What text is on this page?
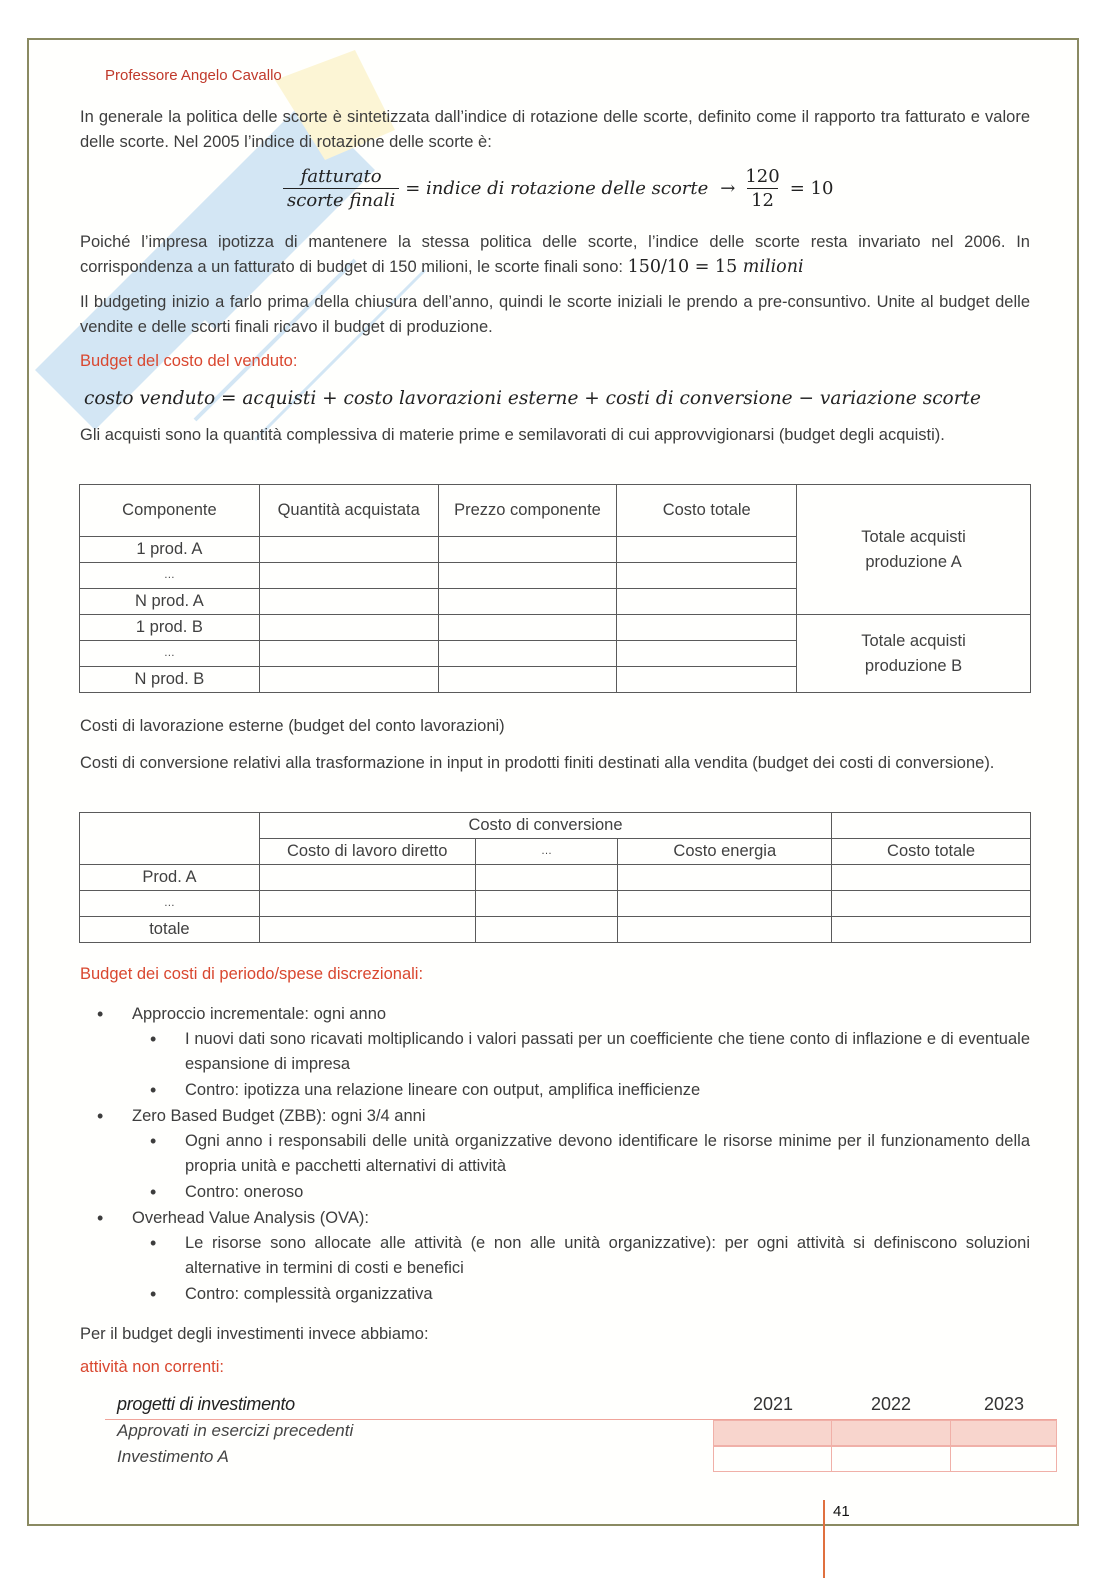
Professore Angelo Cavallo

In generale la politica delle scorte è sintetizzata dall’indice di rotazione delle scorte, definito come il rapporto tra fatturato e valore delle scorte. Nel 2005 l’indice di rotazione delle scorte è:

$\frac{\text{fatturato}}{\text{scorte finali}}$ = indice di rotazione delle scorte → $\frac{120}{12} = 10$

Poiché l’impresa ipotizza di mantenere la stessa politica delle scorte, l’indice delle scorte resta invariato nel 2006. In corrispondenza a un fatturato di budget di 150 milioni, le scorte finali sono: 150/10 = 15 milioni

Il budgeting inizio a farlo prima della chiusura dell’anno, quindi le scorte iniziali le prendo a pre-consuntivo. Unite al budget delle vendite e delle scorti finali ricavo il budget di produzione.

Budget del costo del venduto:
costo venduto = acquisti + costo lavorazioni esterne + costi di conversione − variazione scorte

Gli acquisti sono la quantità complessiva di materie prime e semilavorati di cui approvvigionarsi (budget degli acquisti).

Componente	Quantità acquistata	Prezzo componente	Costo totale	Totale acquisti produzione A
1 prod. A				
…				
N prod. A				
1 prod. B				Totale acquisti produzione B
…				
N prod. B				

Costi di lavorazione esterne (budget del conto lavorazioni)

Costi di conversione relativi alla trasformazione in input in prodotti finiti destinati alla vendita (budget dei costi di conversione).

	Costo di conversione			
	Costo di lavoro diretto	…	Costo energia	Costo totale
Prod. A				
…				
totale				
Budget dei costi di periodo/spese discrezionali:
• Approccio incrementale: ogni anno
• I nuovi dati sono ricavati moltiplicando i valori passati per un coefficiente che tiene conto di inflazione e di eventuale espansione di impresa
• Contro: ipotizza una relazione lineare con output, amplifica inefficienze
• Zero Based Budget (ZBB): ogni 3/4 anni
• Ogni anno i responsabili delle unità organizzative devono identificare le risorse minime per il funzionamento della propria unità e pacchetti alternativi di attività
• Contro: oneroso
• Overhead Value Analysis (OVA):
• Le risorse sono allocate alle attività (e non alle unità organizzative): per ogni attività si definiscono soluzioni alternative in termini di costi e benefici
• Contro: complessità organizzativa

Per il budget degli investimenti invece abbiamo:

attività non correnti:
progetti di investimento	2021	2022	2023
Approvati in esercizi precedenti
Investimento A
41
